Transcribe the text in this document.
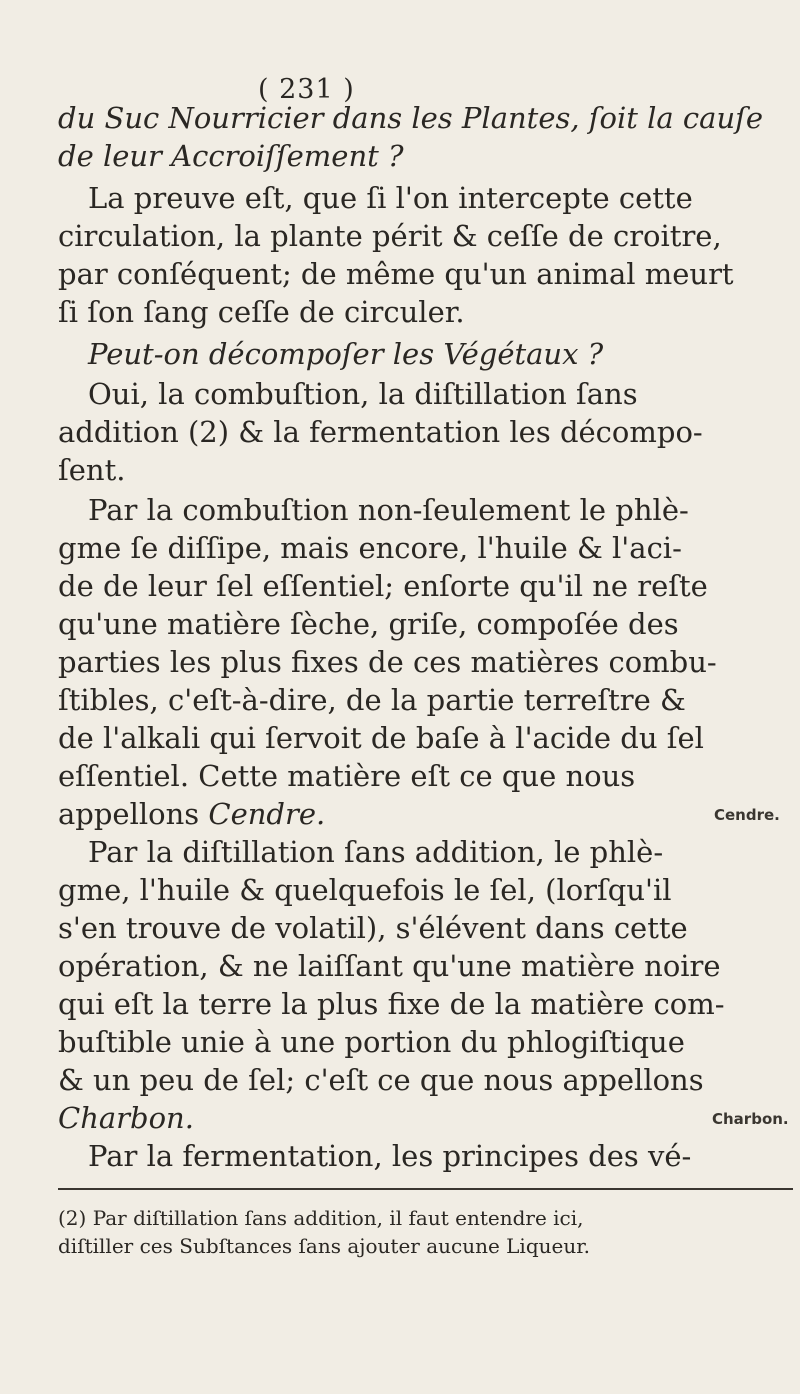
( 231 )
du Suc Nourricier dans les Plantes, ſoit la cauſe
de leur Accroiſſement ?
La preuve eſt, que ſi l'on intercepte cette
circulation, la plante périt & ceſſe de croitre,
par conſéquent; de même qu'un animal meurt
ſi ſon ſang ceſſe de circuler.
Peut-on décompoſer les Végétaux ?
Oui, la combuſtion, la diſtillation ſans
addition (2) & la fermentation les décompo-
ſent.
Par la combuſtion non-ſeulement le phlè-
gme ſe diſſipe, mais encore, l'huile & l'aci-
de de leur ſel eſſentiel; enſorte qu'il ne reſte
qu'une matière ſèche, griſe, compoſée des
parties les plus fixes de ces matières combu-
ſtibles, c'eſt-à-dire, de la partie terreſtre &
de l'alkali qui ſervoit de baſe à l'acide du ſel
eſſentiel. Cette matière eſt ce que nous
appellons Cendre.	Cendre.
Par la diſtillation ſans addition, le phlè-
gme, l'huile & quelquefois le ſel, (lorſqu'il
s'en trouve de volatil), s'élévent dans cette
opération, & ne laiſſant qu'une matière noire
qui eſt la terre la plus fixe de la matière com-
buſtible unie à une portion du phlogiſtique
& un peu de ſel; c'eſt ce que nous appellons
Charbon.	Charbon.
Par la fermentation, les principes des vé-
(2) Par diſtillation ſans addition, il faut entendre ici,
diſtiller ces Subſtances ſans ajouter aucune Liqueur.
